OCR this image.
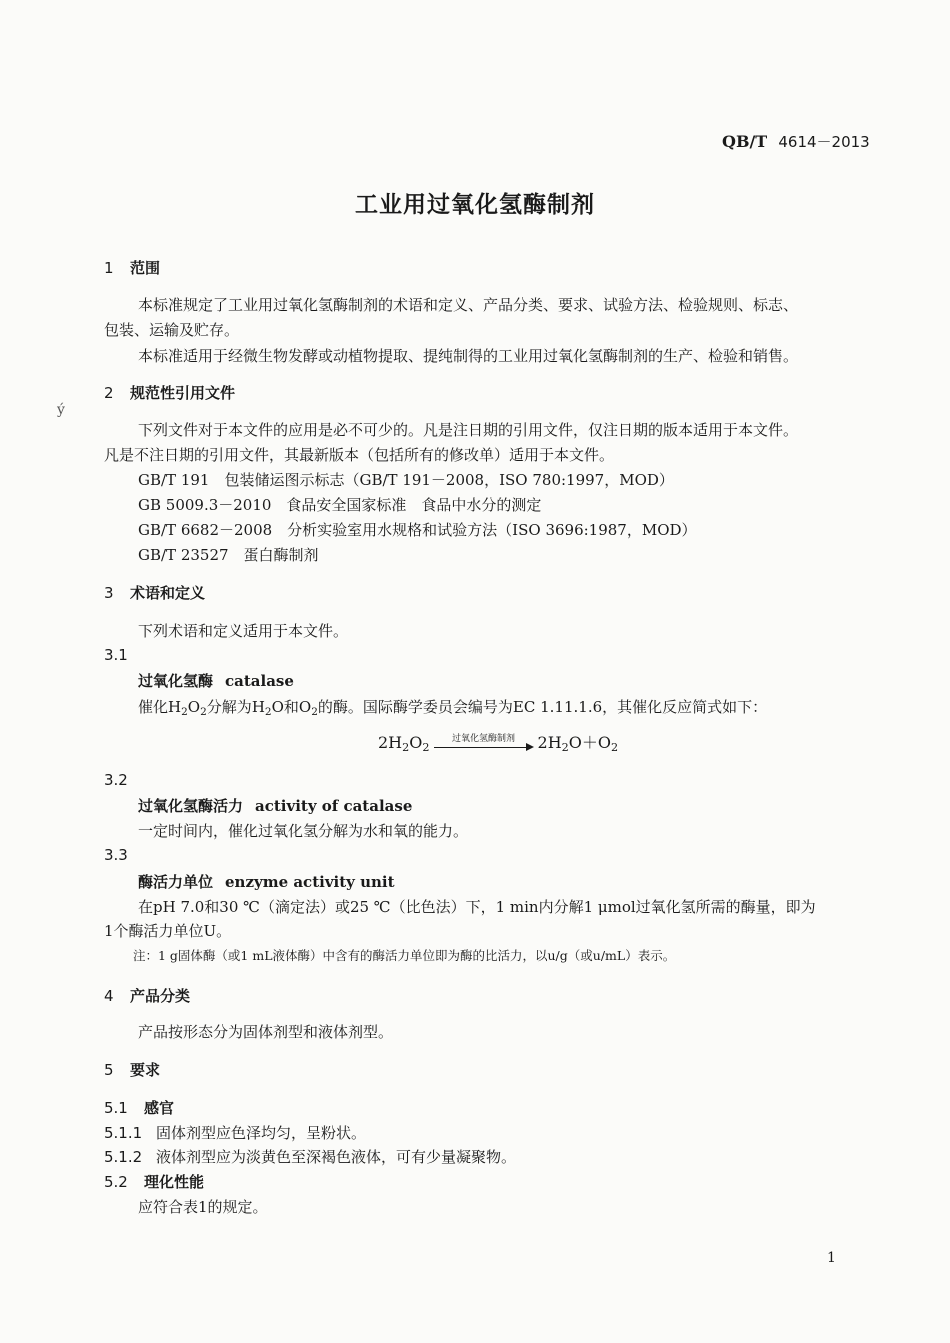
QB/T 4614－2013
工业用过氧化氢酶制剂
1 范围
本标准规定了工业用过氧化氢酶制剂的术语和定义、产品分类、要求、试验方法、检验规则、标志、
包装、运输及贮存。
本标准适用于经微生物发酵或动植物提取、提纯制得的工业用过氧化氢酶制剂的生产、检验和销售。
2 规范性引用文件
ý
下列文件对于本文件的应用是必不可少的。凡是注日期的引用文件，仅注日期的版本适用于本文件。
凡是不注日期的引用文件，其最新版本（包括所有的修改单）适用于本文件。
GB/T 191　包装储运图示标志（GB/T 191－2008，ISO 780:1997，MOD）
GB 5009.3－2010　食品安全国家标准　食品中水分的测定
GB/T 6682－2008　分析实验室用水规格和试验方法（ISO 3696:1987，MOD）
GB/T 23527　蛋白酶制剂
3 术语和定义
下列术语和定义适用于本文件。
3.1
过氧化氢酶 catalase
催化$H_2O_2$分解为$H_2O$和$O_2$的酶。国际酶学委员会编号为EC 1.11.1.6，其催化反应简式如下：
$2H_2O_2$
过氧化氢酶制剂	$2H_2O+O_2$
3.2
过氧化氢酶活力 activity of catalase
一定时间内，催化过氧化氢分解为水和氧的能力。
3.3
酶活力单位 enzyme activity unit
在pH 7.0和30 ℃（滴定法）或25 ℃（比色法）下，1 min内分解1 μmol过氧化氢所需的酶量，即为
1个酶活力单位U。
注：1 g固体酶（或1 mL液体酶）中含有的酶活力单位即为酶的比活力，以u/g（或u/mL）表示。
4 产品分类
产品按形态分为固体剂型和液体剂型。
5 要求
5.1 感官
5.1.1 固体剂型应色泽均匀，呈粉状。
5.1.2 液体剂型应为淡黄色至深褐色液体，可有少量凝聚物。
5.2 理化性能
应符合表1的规定。
1
